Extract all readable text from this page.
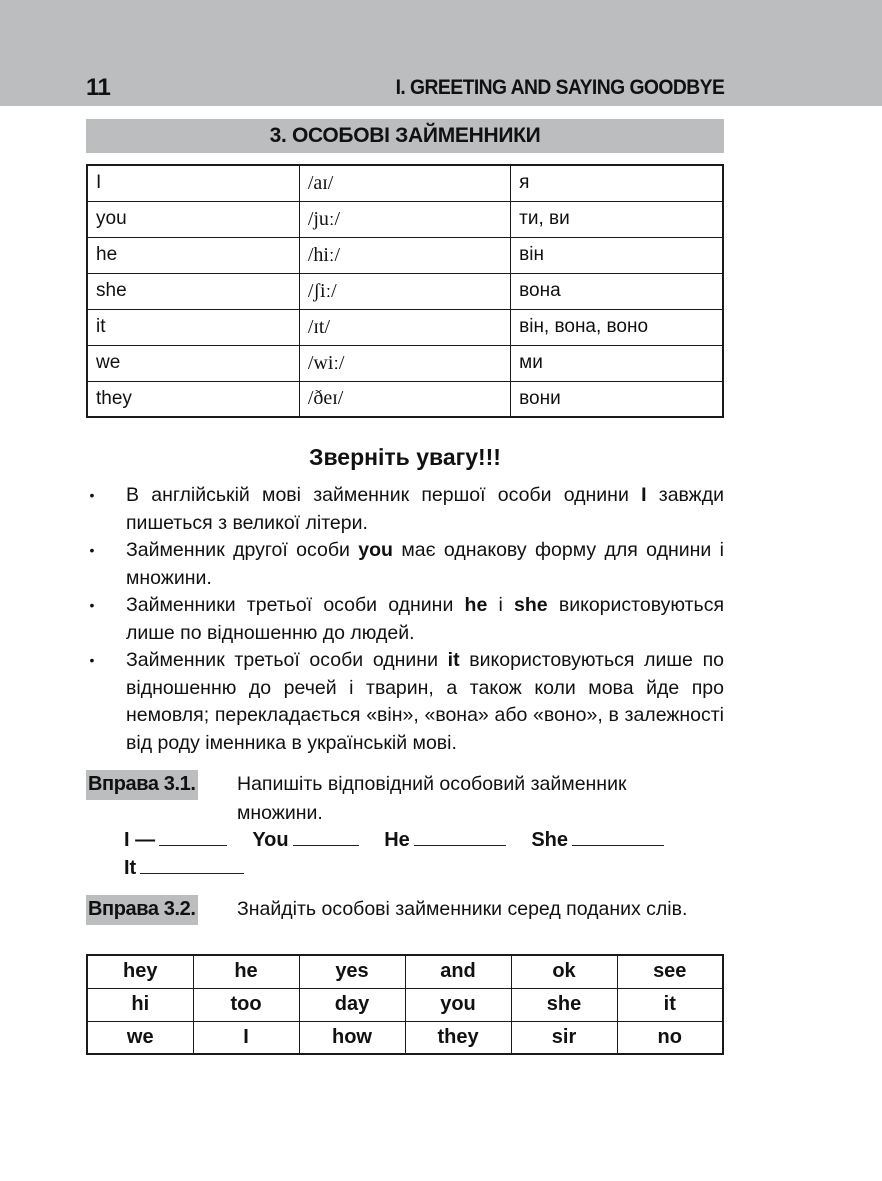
11	I. GREETING AND SAYING GOODBYE
3. ОСОБОВІ ЗАЙМЕННИКИ
I	/aɪ/	я
you	/juː/	ти, ви
he	/hiː/	він
she	/ʃiː/	вона
it	/ɪt/	він, вона, воно
we	/wiː/	ми
they	/ðeɪ/	вони
Зверніть увагу!!!
• В англійській мові займенник першої особи однини I завжди пишеться з великої літери.
• Займенник другої особи you має однакову форму для однини і множини.
• Займенники третьої особи однини he і she використовуються лише по відношенню до людей.
• Займенник третьої особи однини it використовуються лише по відношенню до речей і тварин, а також коли мова йде про немовля; перекладається «він», «вона» або «воно», в залежності від роду іменника в українській мові.
Вправа 3.1. Напишіть відповідний особовий займенник множини.
I —	You	He	She
It
Вправа 3.2. Знайдіть особові займенники серед поданих слів.
hey	he	yes	and	ok	see
hi	too	day	you	she	it
we	I	how	they	sir	no
